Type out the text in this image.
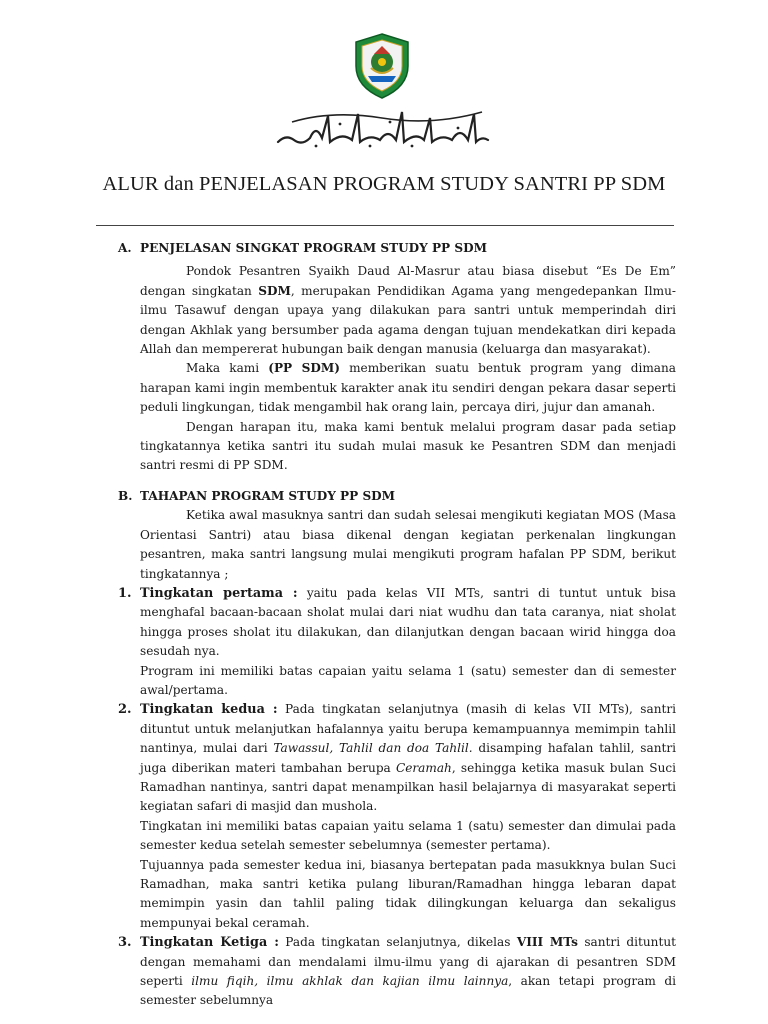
ALUR dan PENJELASAN PROGRAM STUDY SANTRI PP SDM
A. PENJELASAN SINGKAT PROGRAM STUDY PP SDM

Pondok Pesantren Syaikh Daud Al-Masrur atau biasa disebut “Es De Em” dengan singkatan SDM, merupakan Pendidikan Agama yang mengedepankan Ilmu-ilmu Tasawuf dengan upaya yang dilakukan para santri untuk memperindah diri dengan Akhlak yang bersumber pada agama dengan tujuan mendekatkan diri kepada Allah dan mempererat hubungan baik dengan manusia (keluarga dan masyarakat).

Maka kami (PP SDM) memberikan suatu bentuk program yang dimana harapan kami ingin membentuk karakter anak itu sendiri dengan pekara dasar seperti peduli lingkungan, tidak mengambil hak orang lain, percaya diri, jujur dan amanah.

Dengan harapan itu, maka kami bentuk melalui program dasar pada setiap tingkatannya ketika santri itu sudah mulai masuk ke Pesantren SDM dan menjadi santri resmi di PP SDM.

B. TAHAPAN PROGRAM STUDY PP SDM

Ketika awal masuknya santri dan sudah selesai mengikuti kegiatan MOS (Masa Orientasi Santri) atau biasa dikenal dengan kegiatan perkenalan lingkungan pesantren, maka santri langsung mulai mengikuti program hafalan PP SDM, berikut tingkatannya ;

1. Tingkatan pertama : yaitu pada kelas VII MTs, santri di tuntut untuk bisa menghafal bacaan-bacaan sholat mulai dari niat wudhu dan tata caranya, niat sholat hingga proses sholat itu dilakukan, dan dilanjutkan dengan bacaan wirid hingga doa sesudah nya.

Program ini memiliki batas capaian yaitu selama 1 (satu) semester dan di semester awal/pertama.

2. Tingkatan kedua : Pada tingkatan selanjutnya (masih di kelas VII MTs), santri dituntut untuk melanjutkan hafalannya yaitu berupa kemampuannya memimpin tahlil nantinya, mulai dari Tawassul, Tahlil dan doa Tahlil. disamping hafalan tahlil, santri juga diberikan materi tambahan berupa Ceramah, sehingga ketika masuk bulan Suci Ramadhan nantinya, santri dapat menampilkan hasil belajarnya di masyarakat seperti kegiatan safari di masjid dan mushola.

Tingkatan ini memiliki batas capaian yaitu selama 1 (satu) semester dan dimulai pada semester kedua setelah semester sebelumnya (semester pertama).

Tujuannya pada semester kedua ini, biasanya bertepatan pada masukknya bulan Suci Ramadhan, maka santri ketika pulang liburan/Ramadhan hingga lebaran dapat memimpin yasin dan tahlil paling tidak dilingkungan keluarga dan sekaligus mempunyai bekal ceramah.

3. Tingkatan Ketiga : Pada tingkatan selanjutnya, dikelas VIII MTs santri dituntut dengan memahami dan mendalami ilmu-ilmu yang di ajarakan di pesantren SDM seperti ilmu fiqih, ilmu akhlak dan kajian ilmu lainnya, akan tetapi program di semester sebelumnya
